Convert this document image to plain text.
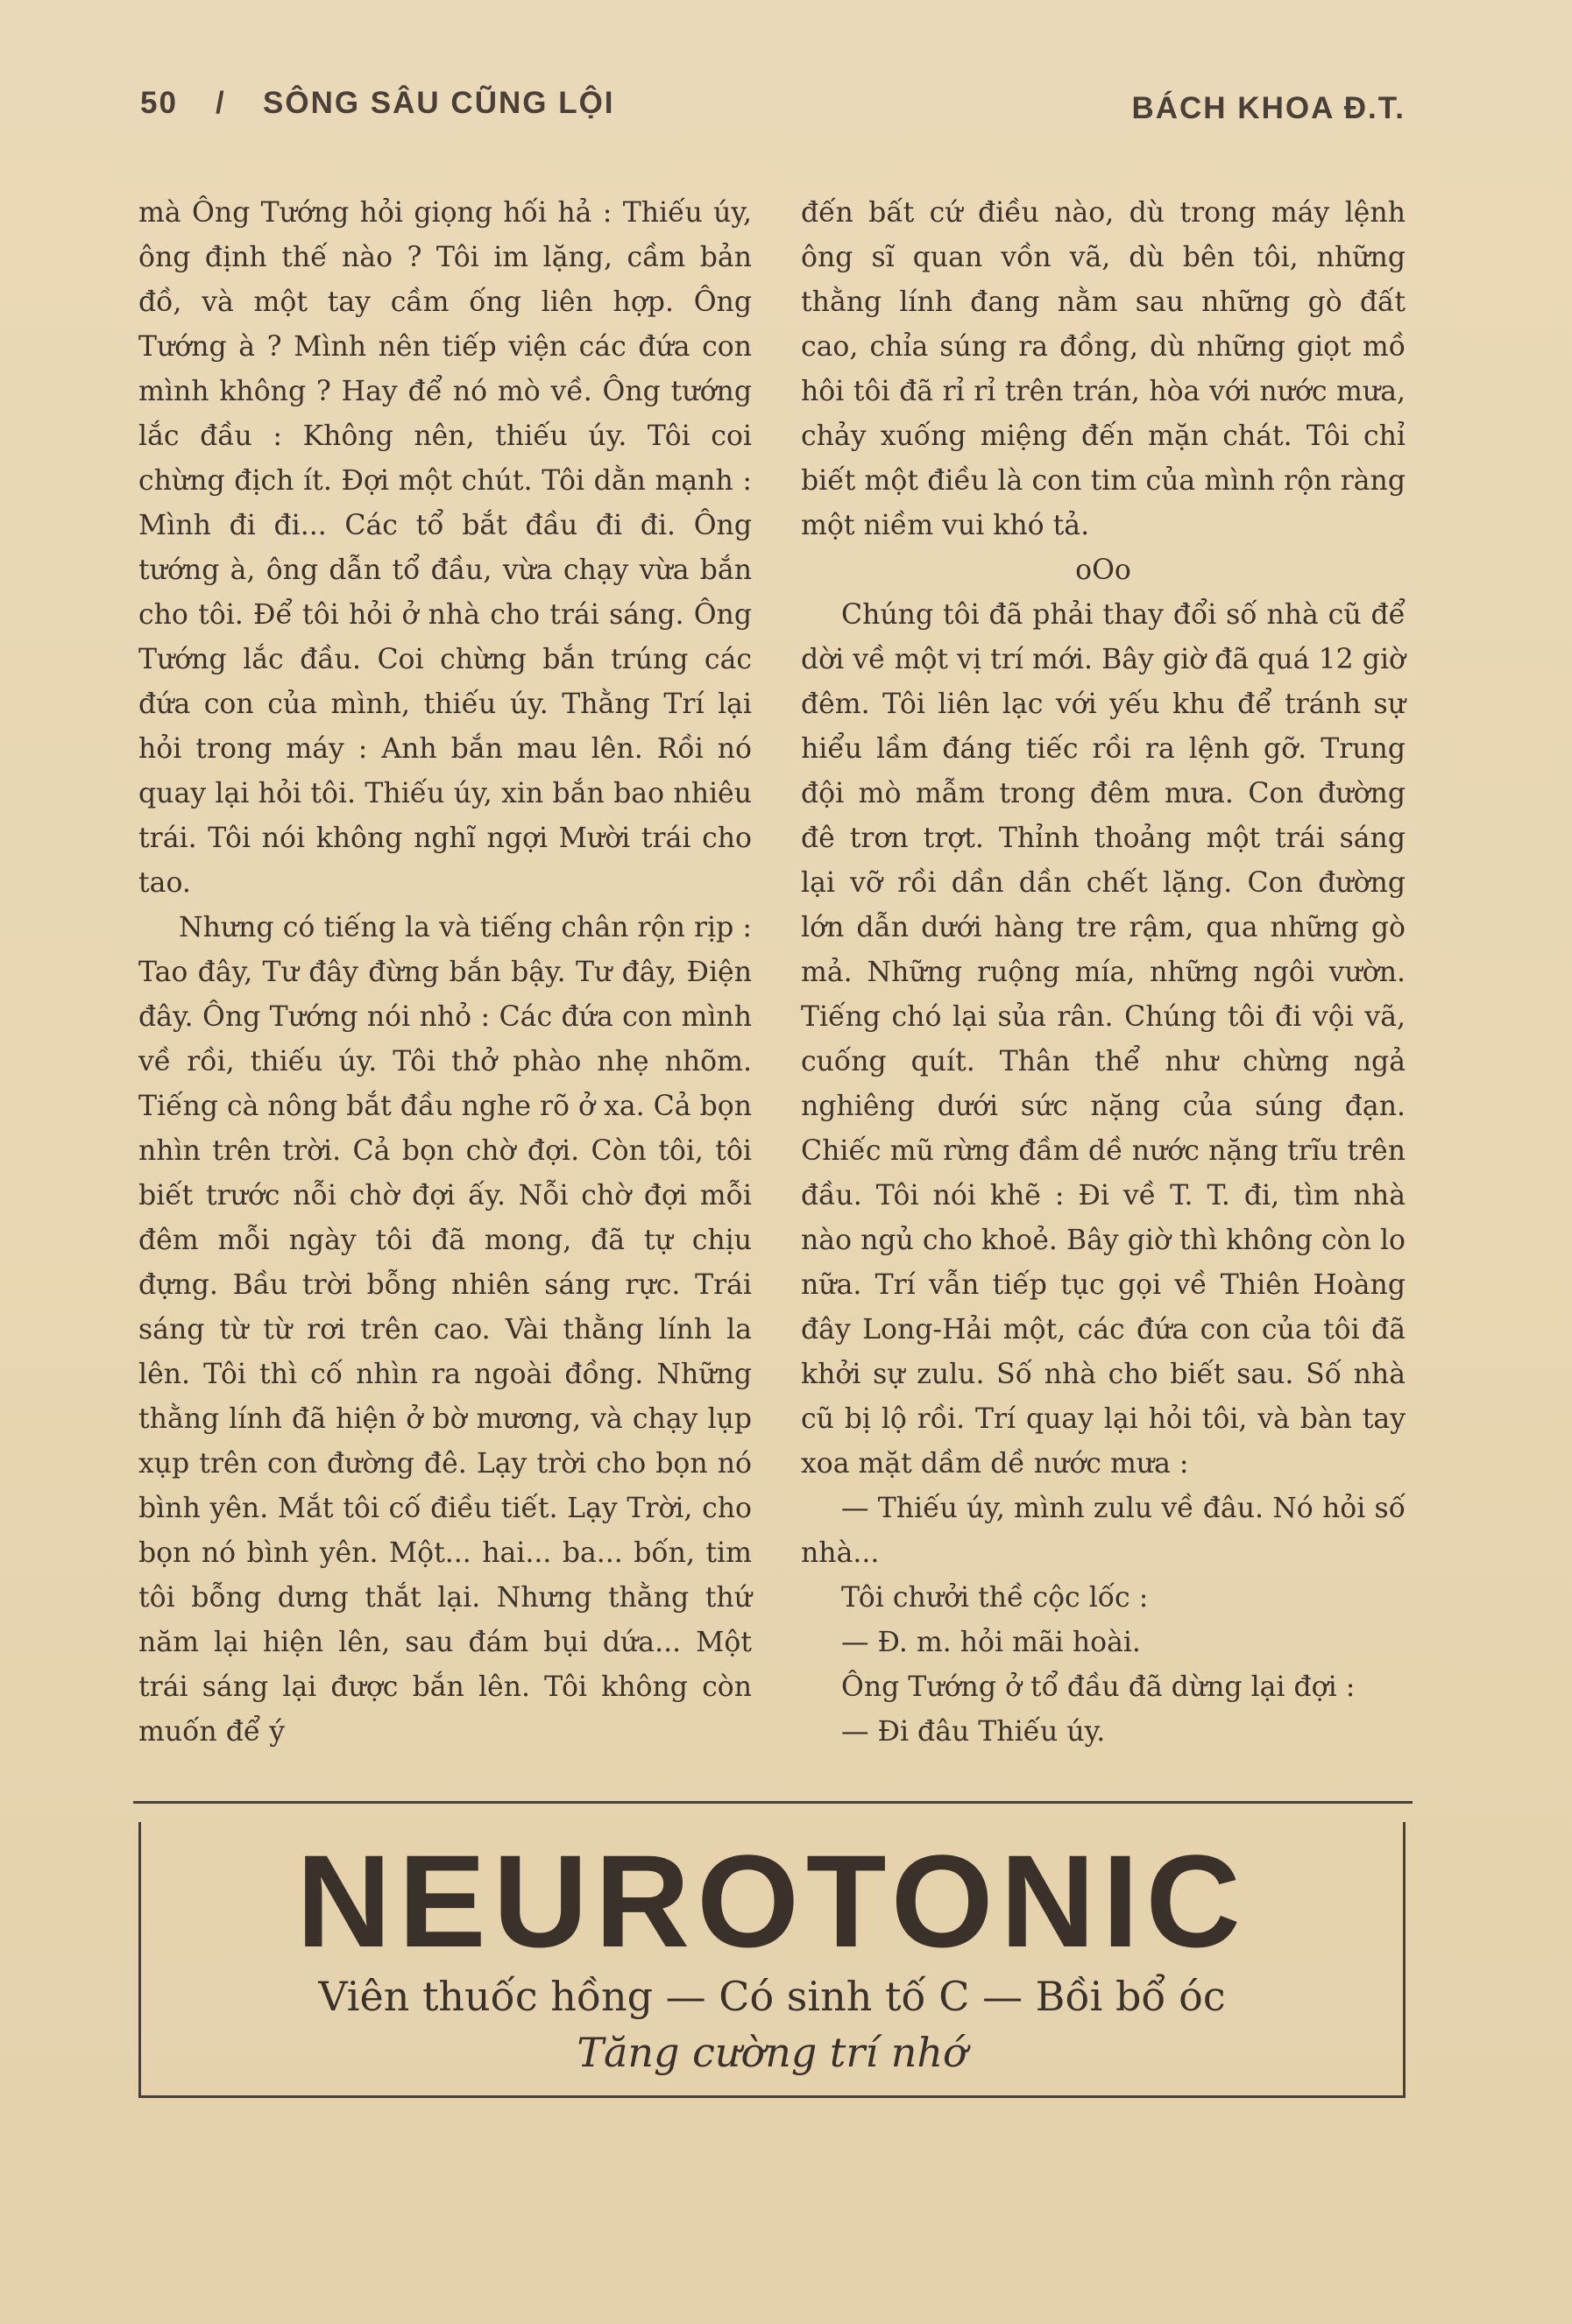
50 / SÔNG SÂU CŨNG LỘI	BÁCH KHOA Đ.T.

mà Ông Tướng hỏi giọng hối hả : Thiếu úy, ông định thế nào ? Tôi im lặng, cầm bản đồ, và một tay cầm ống liên hợp. Ông Tướng à ? Mình nên tiếp viện các đứa con mình không ? Hay để nó mò về. Ông tướng lắc đầu : Không nên, thiếu úy. Tôi coi chừng địch ít. Đợi một chút. Tôi dằn mạnh : Mình đi đi... Các tổ bắt đầu đi đi. Ông tướng à, ông dẫn tổ đầu, vừa chạy vừa bắn cho tôi. Để tôi hỏi ở nhà cho trái sáng. Ông Tướng lắc đầu. Coi chừng bắn trúng các đứa con của mình, thiếu úy. Thằng Trí lại hỏi trong máy : Anh bắn mau lên. Rồi nó quay lại hỏi tôi. Thiếu úy, xin bắn bao nhiêu trái. Tôi nói không nghĩ ngợi Mười trái cho tao.

Nhưng có tiếng la và tiếng chân rộn rịp : Tao đây, Tư đây đừng bắn bậy. Tư đây, Điện đây. Ông Tướng nói nhỏ : Các đứa con mình về rồi, thiếu úy. Tôi thở phào nhẹ nhõm. Tiếng cà nông bắt đầu nghe rõ ở xa. Cả bọn nhìn trên trời. Cả bọn chờ đợi. Còn tôi, tôi biết trước nỗi chờ đợi ấy. Nỗi chờ đợi mỗi đêm mỗi ngày tôi đã mong, đã tự chịu đựng. Bầu trời bỗng nhiên sáng rực. Trái sáng từ từ rơi trên cao. Vài thằng lính la lên. Tôi thì cố nhìn ra ngoài đồng. Những thằng lính đã hiện ở bờ mương, và chạy lụp xụp trên con đường đê. Lạy trời cho bọn nó bình yên. Mắt tôi cố điều tiết. Lạy Trời, cho bọn nó bình yên. Một... hai... ba... bốn, tim tôi bỗng dưng thắt lại. Nhưng thằng thứ năm lại hiện lên, sau đám bụi dứa... Một trái sáng lại được bắn lên. Tôi không còn muốn để ý

đến bất cứ điều nào, dù trong máy lệnh ông sĩ quan vồn vã, dù bên tôi, những thằng lính đang nằm sau những gò đất cao, chỉa súng ra đồng, dù những giọt mồ hôi tôi đã rỉ rỉ trên trán, hòa với nước mưa, chảy xuống miệng đến mặn chát. Tôi chỉ biết một điều là con tim của mình rộn ràng một niềm vui khó tả.

oOo

Chúng tôi đã phải thay đổi số nhà cũ để dời về một vị trí mới. Bây giờ đã quá 12 giờ đêm. Tôi liên lạc với yếu khu để tránh sự hiểu lầm đáng tiếc rồi ra lệnh gỡ. Trung đội mò mẫm trong đêm mưa. Con đường đê trơn trợt. Thỉnh thoảng một trái sáng lại vỡ rồi dần dần chết lặng. Con đường lớn dẫn dưới hàng tre rậm, qua những gò mả. Những ruộng mía, những ngôi vườn. Tiếng chó lại sủa rân. Chúng tôi đi vội vã, cuống quít. Thân thể như chừng ngả nghiêng dưới sức nặng của súng đạn. Chiếc mũ rừng đầm dề nước nặng trĩu trên đầu. Tôi nói khẽ : Đi về T. T. đi, tìm nhà nào ngủ cho khoẻ. Bây giờ thì không còn lo nữa. Trí vẫn tiếp tục gọi về Thiên Hoàng đây Long-Hải một, các đứa con của tôi đã khởi sự zulu. Số nhà cho biết sau. Số nhà cũ bị lộ rồi. Trí quay lại hỏi tôi, và bàn tay xoa mặt dầm dề nước mưa :

— Thiếu úy, mình zulu về đâu. Nó hỏi số nhà...

Tôi chưởi thề cộc lốc :

— Đ. m. hỏi mãi hoài.

Ông Tướng ở tổ đầu đã dừng lại đợi :

— Đi đâu Thiếu úy.

NEUROTONIC
Viên thuốc hồng — Có sinh tố C — Bồi bổ óc
Tăng cường trí nhớ
